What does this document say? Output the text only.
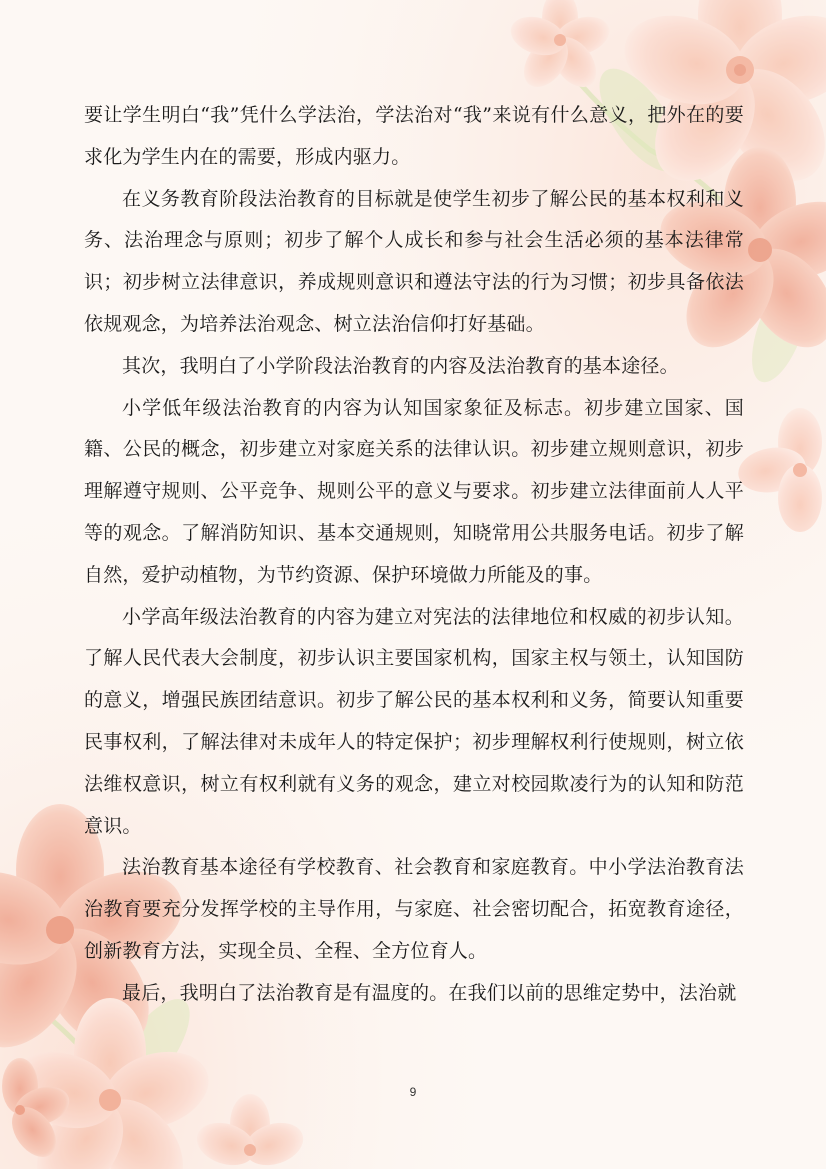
要让学生明白“我”凭什么学法治，学法治对“我”来说有什么意义，把外在的要求化为学生内在的需要，形成内驱力。

在义务教育阶段法治教育的目标就是使学生初步了解公民的基本权利和义务、法治理念与原则；初步了解个人成长和参与社会生活必须的基本法律常识；初步树立法律意识，养成规则意识和遵法守法的行为习惯；初步具备依法依规观念，为培养法治观念、树立法治信仰打好基础。

其次，我明白了小学阶段法治教育的内容及法治教育的基本途径。

小学低年级法治教育的内容为认知国家象征及标志。初步建立国家、国籍、公民的概念，初步建立对家庭关系的法律认识。初步建立规则意识，初步理解遵守规则、公平竞争、规则公平的意义与要求。初步建立法律面前人人平等的观念。了解消防知识、基本交通规则，知晓常用公共服务电话。初步了解自然，爱护动植物，为节约资源、保护环境做力所能及的事。

小学高年级法治教育的内容为建立对宪法的法律地位和权威的初步认知。了解人民代表大会制度，初步认识主要国家机构，国家主权与领土，认知国防的意义，增强民族团结意识。初步了解公民的基本权利和义务，简要认知重要民事权利，了解法律对未成年人的特定保护；初步理解权利行使规则，树立依法维权意识，树立有权利就有义务的观念，建立对校园欺凌行为的认知和防范意识。

法治教育基本途径有学校教育、社会教育和家庭教育。中小学法治教育法治教育要充分发挥学校的主导作用，与家庭、社会密切配合，拓宽教育途径，创新教育方法，实现全员、全程、全方位育人。

最后，我明白了法治教育是有温度的。在我们以前的思维定势中，法治就

9
